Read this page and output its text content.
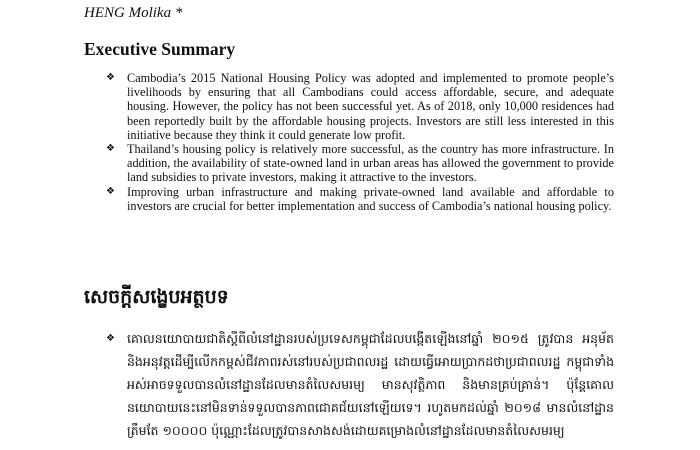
HENG Molika *
Executive Summary
❖ Cambodia’s 2015 National Housing Policy was adopted and implemented to promote people’s livelihoods by ensuring that all Cambodians could access affordable, secure, and adequate housing. However, the policy has not been successful yet. As of 2018, only 10,000 residences had been reportedly built by the affordable housing projects. Investors are still less interested in this initiative because they think it could generate low profit.
❖ Thailand’s housing policy is relatively more successful, as the country has more infrastructure. In addition, the availability of state-owned land in urban areas has allowed the government to provide land subsidies to private investors, making it attractive to the investors.
❖ Improving urban infrastructure and making private-owned land available and affordable to investors are crucial for better implementation and success of Cambodia’s national housing policy.
សេចក្តីសង្ខេបអត្ថបទ
❖ គោលនយោបាយជាតិស្តីពីលំនៅដ្ឋានរបស់ប្រទេសកម្ពុជាដែលបង្កើតឡើងនៅឆ្នាំ ២០១៥ ត្រូវបាន អនុម័ត និងអនុវត្តដើម្បីលើកកម្ពស់ជីវភាពរស់នៅរបស់ប្រជាពលរដ្ឋ ដោយធ្វើអោយប្រាកដថាប្រជាពលរដ្ឋ កម្ពុជាទាំងអស់អាចទទួលបានលំនៅដ្ឋានដែលមានតំលៃសមរម្យ មានសុវត្ថិភាព និងមានគ្រប់គ្រាន់។ ប៉ុន្តែគោលនយោបាយនេះនៅមិនទាន់ទទួលបានភាពជោគជ័យនៅឡើយទេ។ រហូតមកដល់ឆ្នាំ ២០១៨ មានលំនៅដ្ឋានត្រឹមតែ ១០០០០ ប៉ុណ្ណោះដែលត្រូវបានសាងសង់ដោយគម្រោងលំនៅដ្ឋានដែលមានតំលៃសមរម្យ
